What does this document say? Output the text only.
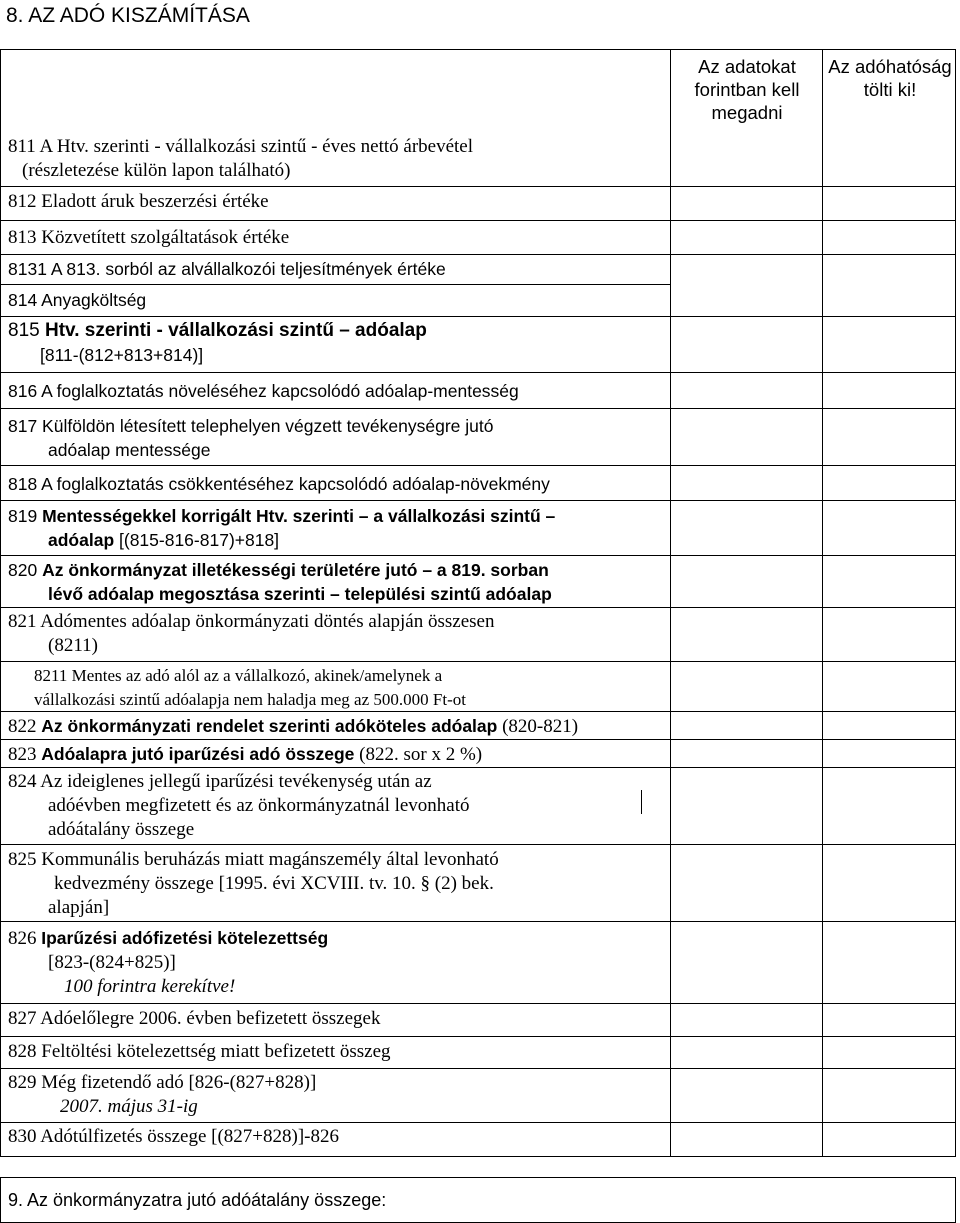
8. AZ ADÓ KISZÁMÍTÁSA
Az adatokat forintban kell megadni
Az adóhatóság tölti ki!
811 A Htv. szerinti - vállalkozási szintű - éves nettó árbevétel
(részletezése külön lapon található)
812 Eladott áruk beszerzési értéke
813 Közvetített szolgáltatások értéke
8131 A 813. sorból az alvállalkozói teljesítmények értéke
814 Anyagköltség
815 Htv. szerinti - vállalkozási szintű – adóalap
[811-(812+813+814)]
816 A foglalkoztatás növeléséhez kapcsolódó adóalap-mentesség
817 Külföldön létesített telephelyen végzett tevékenységre jutó
adóalap mentessége
818 A foglalkoztatás csökkentéséhez kapcsolódó adóalap-növekmény
819 Mentességekkel korrigált Htv. szerinti – a vállalkozási szintű –
adóalap [(815-816-817)+818]
820 Az önkormányzat illetékességi területére jutó – a 819. sorban
lévő adóalap megosztása szerinti – települési szintű adóalap
821 Adómentes adóalap önkormányzati döntés alapján összesen
(8211)
8211 Mentes az adó alól az a vállalkozó, akinek/amelynek a
vállalkozási szintű adóalapja nem haladja meg az 500.000 Ft-ot
822 Az önkormányzati rendelet szerinti adóköteles adóalap (820-821)
823 Adóalapra jutó iparűzési adó összege (822. sor x 2 %)
824 Az ideiglenes jellegű iparűzési tevékenység után az
adóévben megfizetett és az önkormányzatnál levonható
adóátalány összege
825 Kommunális beruházás miatt magánszemély által levonható
kedvezmény összege [1995. évi XCVIII. tv. 10. § (2) bek.
alapján]
826 Iparűzési adófizetési kötelezettség
[823-(824+825)]
100 forintra kerekítve!
827 Adóelőlegre 2006. évben befizetett összegek
828 Feltöltési kötelezettség miatt befizetett összeg
829 Még fizetendő adó [826-(827+828)]
2007. május 31-ig
830 Adótúlfizetés összege [(827+828)]-826
9. Az önkormányzatra jutó adóátalány összege:
